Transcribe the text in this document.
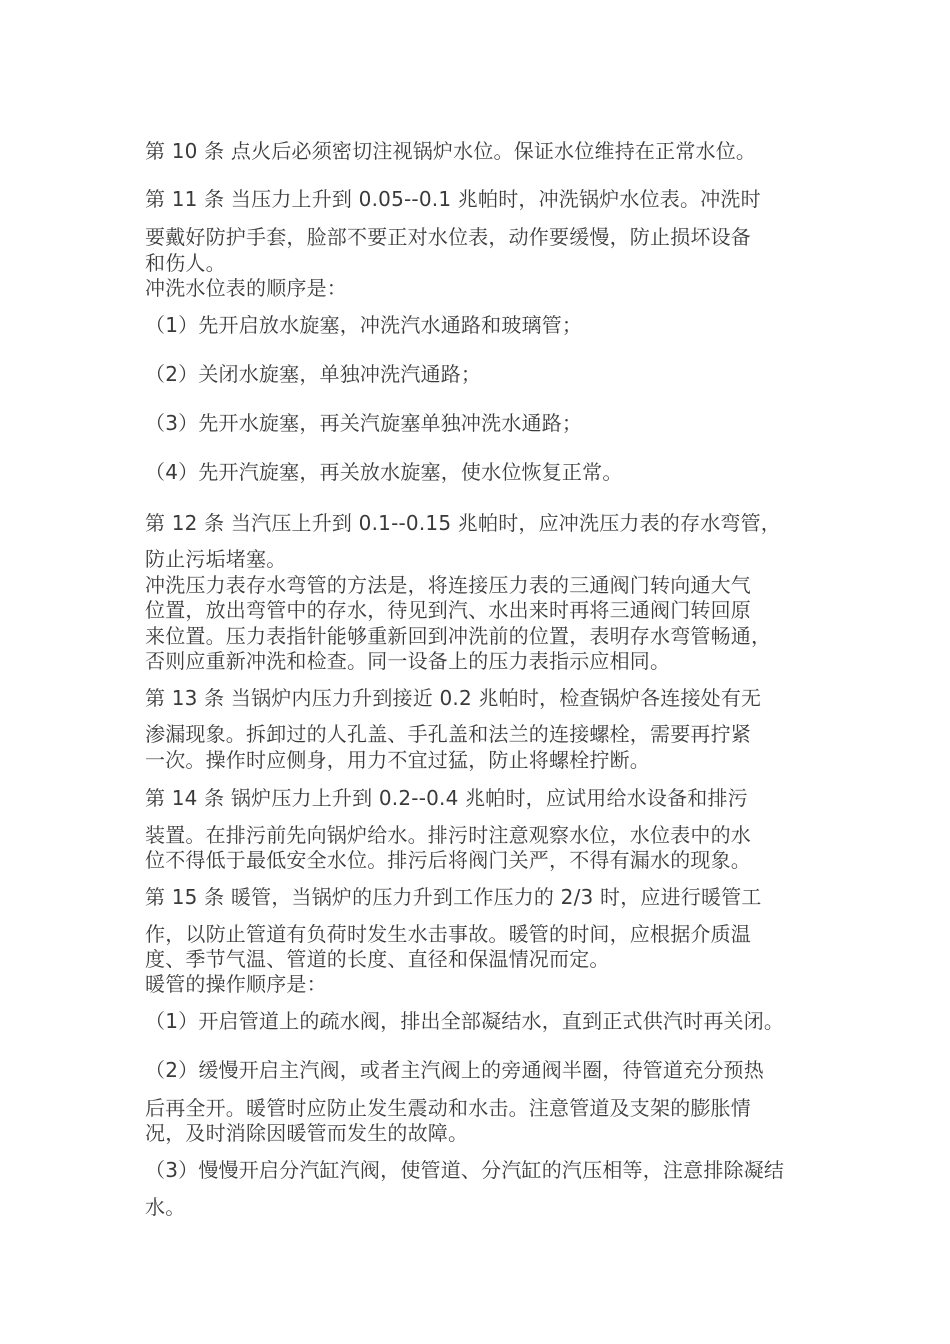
第 10 条 点火后必须密切注视锅炉水位。保证水位维持在正常水位。
第 11 条 当压力上升到 0.05--0.1 兆帕时，冲洗锅炉水位表。冲洗时
要戴好防护手套，脸部不要正对水位表，动作要缓慢，防止损坏设备
和伤人。
冲洗水位表的顺序是：
（1）先开启放水旋塞，冲洗汽水通路和玻璃管；
（2）关闭水旋塞，单独冲洗汽通路；
（3）先开水旋塞，再关汽旋塞单独冲洗水通路；
（4）先开汽旋塞，再关放水旋塞，使水位恢复正常。
第 12 条 当汽压上升到 0.1--0.15 兆帕时，应冲洗压力表的存水弯管，
防止污垢堵塞。
冲洗压力表存水弯管的方法是，将连接压力表的三通阀门转向通大气
位置，放出弯管中的存水，待见到汽、水出来时再将三通阀门转回原
来位置。压力表指针能够重新回到冲洗前的位置，表明存水弯管畅通，
否则应重新冲洗和检查。同一设备上的压力表指示应相同。
第 13 条 当锅炉内压力升到接近 0.2 兆帕时，检查锅炉各连接处有无
渗漏现象。拆卸过的人孔盖、手孔盖和法兰的连接螺栓，需要再拧紧
一次。操作时应侧身，用力不宜过猛，防止将螺栓拧断。
第 14 条 锅炉压力上升到 0.2--0.4 兆帕时，应试用给水设备和排污
装置。在排污前先向锅炉给水。排污时注意观察水位，水位表中的水
位不得低于最低安全水位。排污后将阀门关严，不得有漏水的现象。
第 15 条 暖管，当锅炉的压力升到工作压力的 2/3 时，应进行暖管工
作，以防止管道有负荷时发生水击事故。暖管的时间，应根据介质温
度、季节气温、管道的长度、直径和保温情况而定。
暖管的操作顺序是：
（1）开启管道上的疏水阀，排出全部凝结水，直到正式供汽时再关闭。
（2）缓慢开启主汽阀，或者主汽阀上的旁通阀半圈，待管道充分预热
后再全开。暖管时应防止发生震动和水击。注意管道及支架的膨胀情
况，及时消除因暖管而发生的故障。
（3）慢慢开启分汽缸汽阀，使管道、分汽缸的汽压相等，注意排除凝结
水。
